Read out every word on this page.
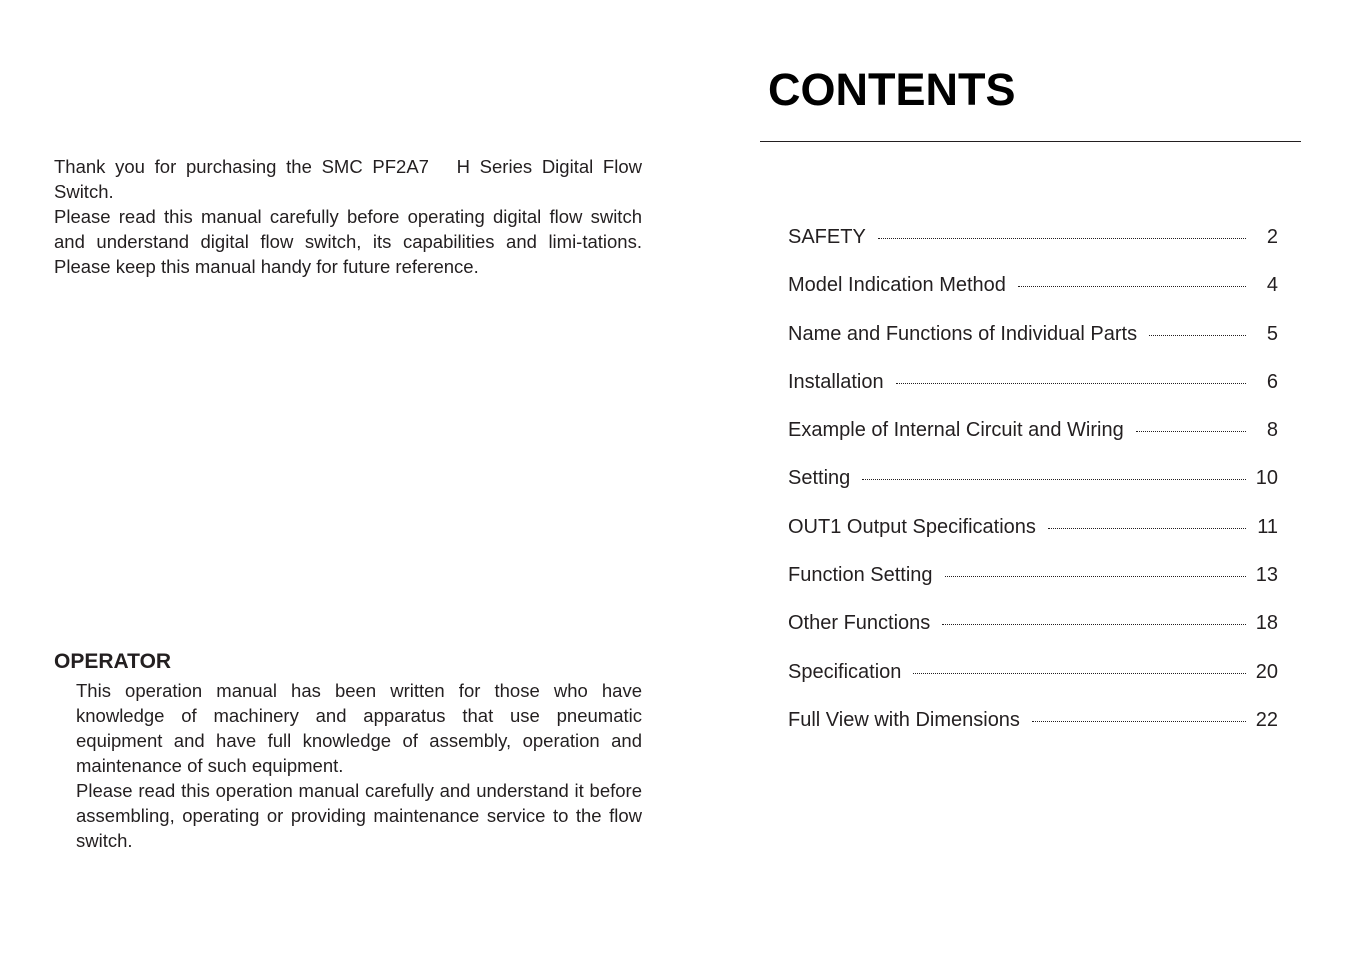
Thank you for purchasing the SMC PF2A7　H Series Digital Flow Switch.

Please read this manual carefully before operating digital flow switch and understand digital flow switch, its capabilities and limi-tations. Please keep this manual handy for future reference.

OPERATOR

This operation manual has been written for those who have knowledge of machinery and apparatus that use pneumatic equipment and have full knowledge of assembly, operation and maintenance of such equipment.

Please read this operation manual carefully and understand it before assembling, operating or providing maintenance service to the flow switch.

CONTENTS
SAFETY	2
Model Indication Method	4
Name and Functions of Individual Parts	5
Installation	6
Example of Internal Circuit and Wiring	8
Setting	10
OUT1 Output Specifications	11
Function Setting	13
Other Functions	18
Specification	20
Full View with Dimensions	22
